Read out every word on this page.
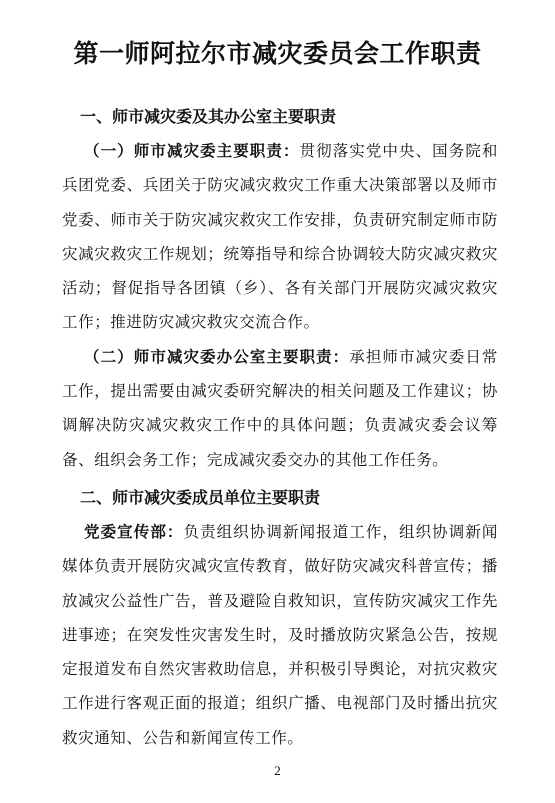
第一师阿拉尔市减灾委员会工作职责
一、师市减灾委及其办公室主要职责

（一）师市减灾委主要职责：贯彻落实党中央、国务院和兵团党委、兵团关于防灾减灾救灾工作重大决策部署以及师市党委、师市关于防灾减灾救灾工作安排，负责研究制定师市防灾减灾救灾工作规划；统筹指导和综合协调较大防灾减灾救灾活动；督促指导各团镇（乡）、各有关部门开展防灾减灾救灾工作；推进防灾减灾救灾交流合作。

（二）师市减灾委办公室主要职责：承担师市减灾委日常工作，提出需要由减灾委研究解决的相关问题及工作建议；协调解决防灾减灾救灾工作中的具体问题；负责减灾委会议筹备、组织会务工作；完成减灾委交办的其他工作任务。

二、师市减灾委成员单位主要职责

党委宣传部：负责组织协调新闻报道工作，组织协调新闻媒体负责开展防灾减灾宣传教育，做好防灾减灾科普宣传；播放减灾公益性广告，普及避险自救知识，宣传防灾减灾工作先进事迹；在突发性灾害发生时，及时播放防灾紧急公告，按规定报道发布自然灾害救助信息，并积极引导舆论，对抗灾救灾工作进行客观正面的报道；组织广播、电视部门及时播出抗灾救灾通知、公告和新闻宣传工作。

2
